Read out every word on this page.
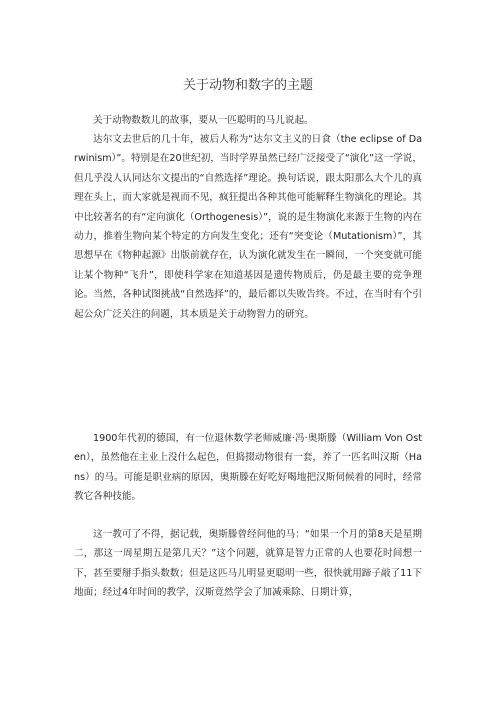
关于动物和数字的主题

关于动物数数儿的故事，要从一匹聪明的马儿说起。

达尔文去世后的几十年，被后人称为“达尔文主义的日食（the eclipse of Darwinism）”。特别是在20世纪初，当时学界虽然已经广泛接受了“演化”这一学说，但几乎没人认同达尔文提出的“自然选择”理论。换句话说，跟太阳那么大个儿的真理在头上，而大家就是视而不见，疯狂提出各种其他可能解释生物演化的理论。其中比较著名的有“定向演化（Orthogenesis）”，说的是生物演化来源于生物的内在动力，推着生物向某个特定的方向发生变化；还有“突变论（Mutationism）”，其思想早在《物种起源》出版前就存在，认为演化就发生在一瞬间，一个突变就可能让某个物种“飞升”，即使科学家在知道基因是遗传物质后，仍是最主要的竞争理论。当然，各种试图挑战“自然选择”的，最后都以失败告终。不过，在当时有个引起公众广泛关注的问题，其本质是关于动物智力的研究。

1900年代初的德国，有一位退休数学老师威廉·冯·奥斯滕（William Von Osten），虽然他在主业上没什么起色，但捣掇动物很有一套，养了一匹名叫汉斯（Hans）的马。可能是职业病的原因，奥斯滕在好吃好喝地把汉斯伺候着的同时，经常教它各种技能。

这一教可了不得，据记载，奥斯滕曾经问他的马：“如果一个月的第8天是星期二，那这一周星期五是第几天？”这个问题，就算是智力正常的人也要花时间想一下，甚至要掰手指头数数；但是这匹马儿明显更聪明一些，很快就用蹄子敲了11下地面；经过4年时间的教学，汉斯竟然学会了加减乘除、日期计算，
